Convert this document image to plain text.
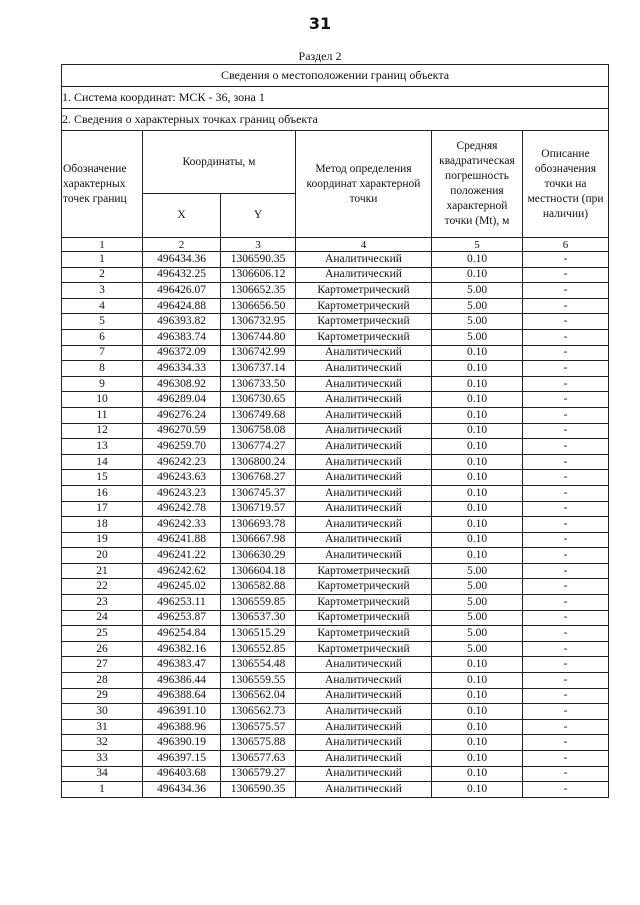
31
Раздел 2
Сведения о местоположении границ объекта					
1. Система координат: МСК - 36, зона 1					
2. Сведения о характерных точках границ объекта					
Обозначение характерных точек границ	Координаты, м		Метод определения координат характерной точки	Средняя квадратическая погрешность положения характерной точки (Mt), м	Описание обозначения точки на местности (при наличии)
	X	Y			
1	2	3	4	5	6
1	496434.36	1306590.35	Аналитический	0.10	-
2	496432.25	1306606.12	Аналитический	0.10	-
3	496426.07	1306652.35	Картометрический	5.00	-
4	496424.88	1306656.50	Картометрический	5.00	-
5	496393.82	1306732.95	Картометрический	5.00	-
6	496383.74	1306744.80	Картометрический	5.00	-
7	496372.09	1306742.99	Аналитический	0.10	-
8	496334.33	1306737.14	Аналитический	0.10	-
9	496308.92	1306733.50	Аналитический	0.10	-
10	496289.04	1306730.65	Аналитический	0.10	-
11	496276.24	1306749.68	Аналитический	0.10	-
12	496270.59	1306758.08	Аналитический	0.10	-
13	496259.70	1306774.27	Аналитический	0.10	-
14	496242.23	1306800.24	Аналитический	0.10	-
15	496243.63	1306768.27	Аналитический	0.10	-
16	496243.23	1306745.37	Аналитический	0.10	-
17	496242.78	1306719.57	Аналитический	0.10	-
18	496242.33	1306693.78	Аналитический	0.10	-
19	496241.88	1306667.98	Аналитический	0.10	-
20	496241.22	1306630.29	Аналитический	0.10	-
21	496242.62	1306604.18	Картометрический	5.00	-
22	496245.02	1306582.88	Картометрический	5.00	-
23	496253.11	1306559.85	Картометрический	5.00	-
24	496253.87	1306537.30	Картометрический	5.00	-
25	496254.84	1306515.29	Картометрический	5.00	-
26	496382.16	1306552.85	Картометрический	5.00	-
27	496383.47	1306554.48	Аналитический	0.10	-
28	496386.44	1306559.55	Аналитический	0.10	-
29	496388.64	1306562.04	Аналитический	0.10	-
30	496391.10	1306562.73	Аналитический	0.10	-
31	496388.96	1306575.57	Аналитический	0.10	-
32	496390.19	1306575.88	Аналитический	0.10	-
33	496397.15	1306577.63	Аналитический	0.10	-
34	496403.68	1306579.27	Аналитический	0.10	-
1	496434.36	1306590.35	Аналитический	0.10	-
